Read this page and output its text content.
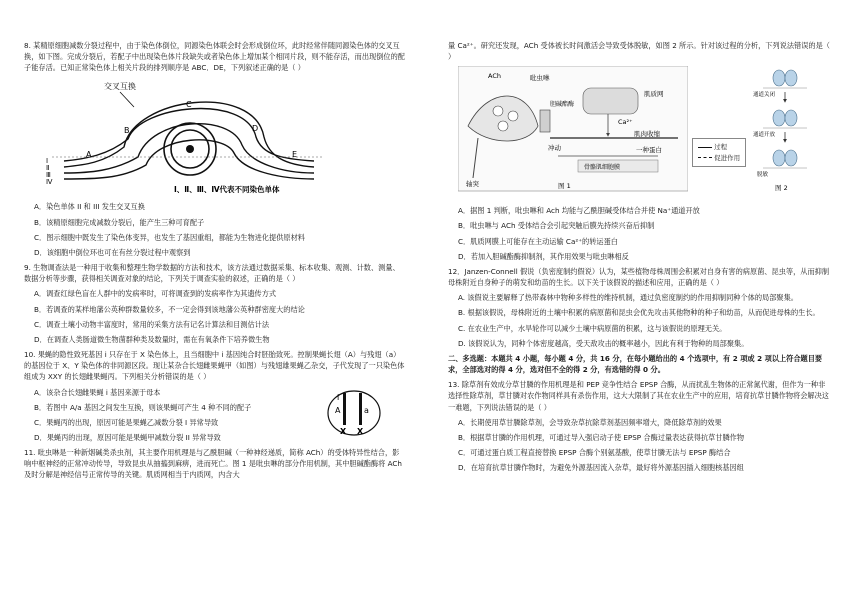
8. 某精原细胞减数分裂过程中，由于染色体倒位，同源染色体联会时会形成倒位环，此时经常伴随同源染色体的交叉互换，如下图。完成分裂后，若配子中出现染色体片段缺失或者染色体上增加某个相同片段，则不能存活，而出现倒位的配子能存活。已知正常染色体上相关片段的排列顺序是 ABC．DE，下列叙述正确的是（ ）

交叉互换
A
B
C
D
E
Ⅰ
Ⅱ
Ⅲ
Ⅳ
Ⅰ、Ⅱ、Ⅲ、Ⅳ代表不同染色单体

A．染色单体 II 和 III 发生交叉互换

B．该精原细胞完成减数分裂后，能产生三种可育配子

C．图示细胞中既发生了染色体变异，也发生了基因重组，都能为生物进化提供原材料

D．该细胞中倒位环也可在有丝分裂过程中观察到

9. 生物调查法是一种用于收集和整理生物学数据的方法和技术，该方法通过数据采集、标本收集、观测、计数、测量、数据分析等步骤，获得相关调查对象的结论，下列关于调查实验的叙述，正确的是（ ）

A．调查红绿色盲在人群中的发病率时，可将调查到的发病率作为其遗传方式

B．若调查的某样地藩公英种群数量较多，不一定会得到该地藩公英种群密度大的结论

C．调查土壤小动物丰富度时，常用的采集方法有记名计算法和目测估计法

D．在调查人类肠道微生物菌群种类及数量时，需在有氧条件下培养微生物

10. 果蝇的隐性致死基因 i 只存在于 X 染色体上，且当细胞中 i 基因纯合时胚胎致死。控制果蝇长翅（A）与残翅（a）的基因位于 X、Y 染色体的非同源区段。现让某杂合长翅雌果蝇甲（如图）与残翅雄果蝇乙杂交，子代发现了一只染色体组成为 XXY 的长翅雌果蝇丙。下列相关分析错误的是（ ）

A．该杂合长翅雌果蝇 i 基因来源于母本

B．若图中 A/a 基因之间发生互换，则该果蝇可产生 4 种不同的配子

C．果蝇丙的出现，原因可能是果蝇乙减数分裂 I 异常导致

D．果蝇丙的出现，原因可能是果蝇甲减数分裂 II 异常导致

i
A	a
X X

11. 吡虫啉是一种新烟碱类杀虫剂，其主要作用机理是与乙酰胆碱（一种神经递质，简称 ACh）的受体特异性结合，影响中枢神经的正常冲动传导，导致昆虫从抽搐到麻痹，进而死亡。图 1 是吡虫啉的部分作用机制，其中胆碱酯酶将 ACh 及时分解是神经信号正常传导的关键。肌质网相当于内质网，内含大

量 Ca²⁺。研究还发现，ACh 受体被长时间激活会导致受体脱敏，如图 2 所示。针对该过程的分析，下列说法错误的是（ ）

ACh	吡虫啉
肌质网
Ca²⁺
胆碱酯酶
肌肉收缩
冲动	一种蛋白
轴突
骨骼肌细胞膜
图 1
过程
促进作用
通道关闭
通道开放
脱敏
图 2

A．据图 1 判断，吡虫啉和 Ach 均能与乙酰胆碱受体结合并使 Na⁺通道开放

B．吡虫啉与 ACh 受体结合会引起突触后膜先持续兴奋后抑制

C．肌质网膜上可能存在主动运输 Ca²⁺的转运蛋白

D．若加入胆碱酯酶抑制剂，其作用效果与吡虫啉相反

12．Janzen-Connell 假说（负密度制约假说）认为，某些植物母株周围会积累对自身有害的病原菌、昆虫等，从而抑制母株附近自身种子的萌发和幼苗的生长。以下关于该假说的描述和应用，正确的是（ ）

A. 该假说主要解释了热带森林中物种多样性的维持机制，通过负密度制约的作用抑制同种个体的局部聚集。

B. 根据该假说，母株附近的土壤中积累的病原菌和昆虫会优先攻击其他物种的种子和幼苗，从而促进母株的生长。

C. 在农业生产中，水旱轮作可以减少土壤中病原菌的积累，这与该假说的原理无关。

D. 该假说认为，同种个体密度越高，受天敌攻击的概率越小，因此有利于物种的局部聚集。

二、多选题：本题共 4 小题，每小题 4 分，共 16 分，在每小题给出的 4 个选项中，有 2 项或 2 项以上符合题目要求，全部选对的得 4 分，选对但不全的得 2 分，有选错的得 0 分。

13. 除草剂有效成分草甘膦的作用机理是和 PEP 竞争性结合 EPSP 合酶，从而扰乱生物体的正常氮代谢，但作为一种非选择性除草剂，草甘膦对农作物同样具有杀伤作用，这大大限制了其在农业生产中的应用，培育抗草甘膦作物将会解决这一难题，下列说法错误的是（ ）

A．长期使用草甘膦除草剂，会导致杂草抗除草剂基因频率增大，降低除草剂的效果

B．根据草甘膦的作用机理，可通过导入强启动子使 EPSP 合酶过量表达获得抗草甘膦作物

C．可通过蛋白质工程直接替换 EPSP 合酶个别氨基酸，使草甘膦无法与 EPSP 酶结合

D．在培育抗草甘膦作物时，为避免外源基因流入杂草，最好将外源基因插入细胞核基因组
